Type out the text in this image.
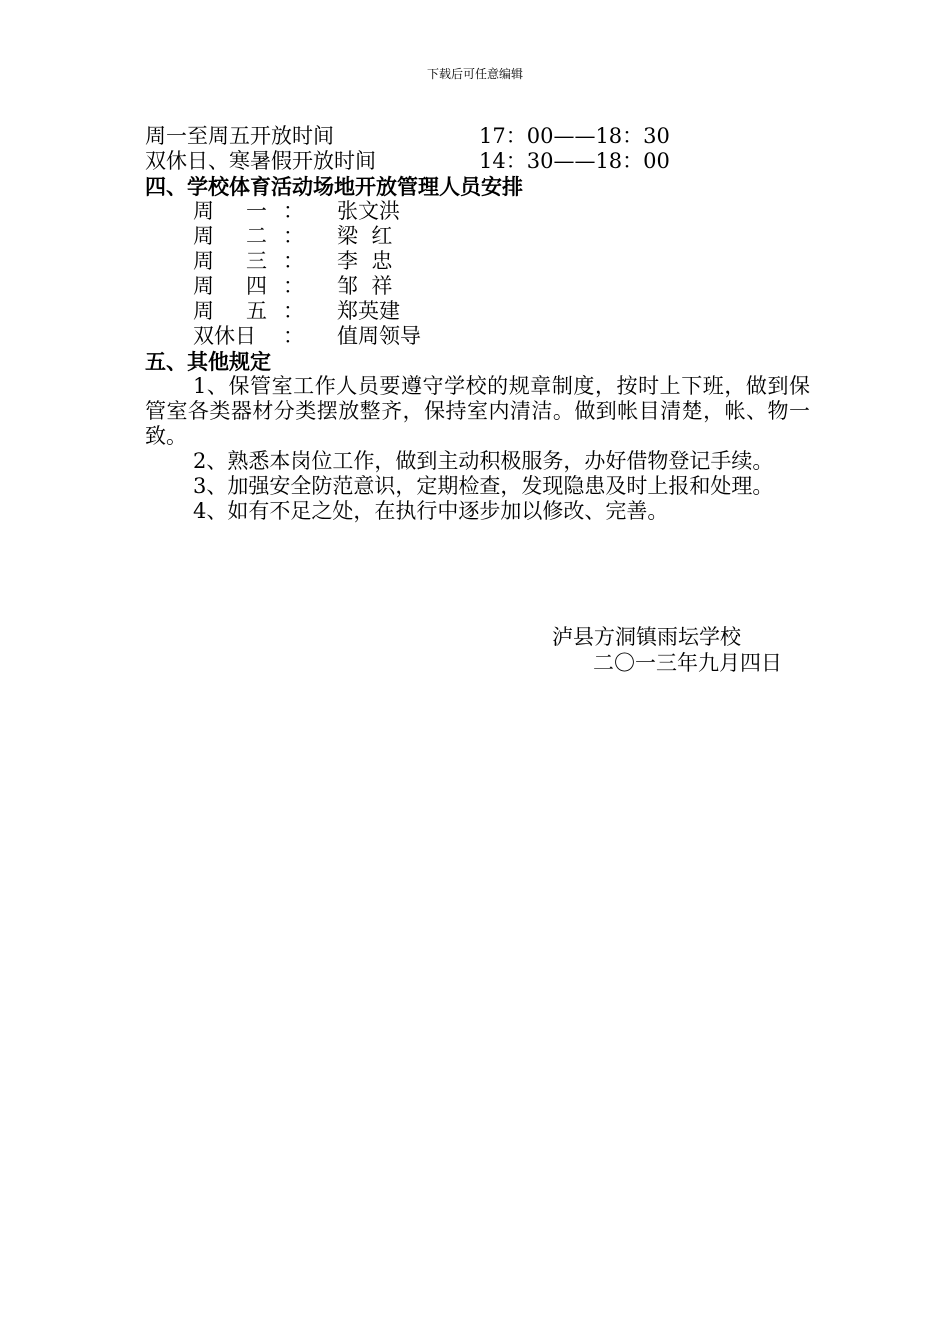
下载后可任意编辑
周一至周五开放时间	17：00——18：30
双休日、寒暑假开放时间	14：30——18：00
四、学校体育活动场地开放管理人员安排
周 一 ： 张文洪
周 二 ： 梁  红
周 三 ： 李  忠
周 四 ： 邹  祥
周 五 ： 郑英建
双休日 ： 值周领导
五、其他规定

1、保管室工作人员要遵守学校的规章制度，按时上下班，做到保管室各类器材分类摆放整齐，保持室内清洁。做到帐目清楚，帐、物一致。

2、熟悉本岗位工作，做到主动积极服务，办好借物登记手续。

3、加强安全防范意识，定期检查，发现隐患及时上报和处理。

4、如有不足之处，在执行中逐步加以修改、完善。

泸县方洞镇雨坛学校
二〇一三年九月四日
